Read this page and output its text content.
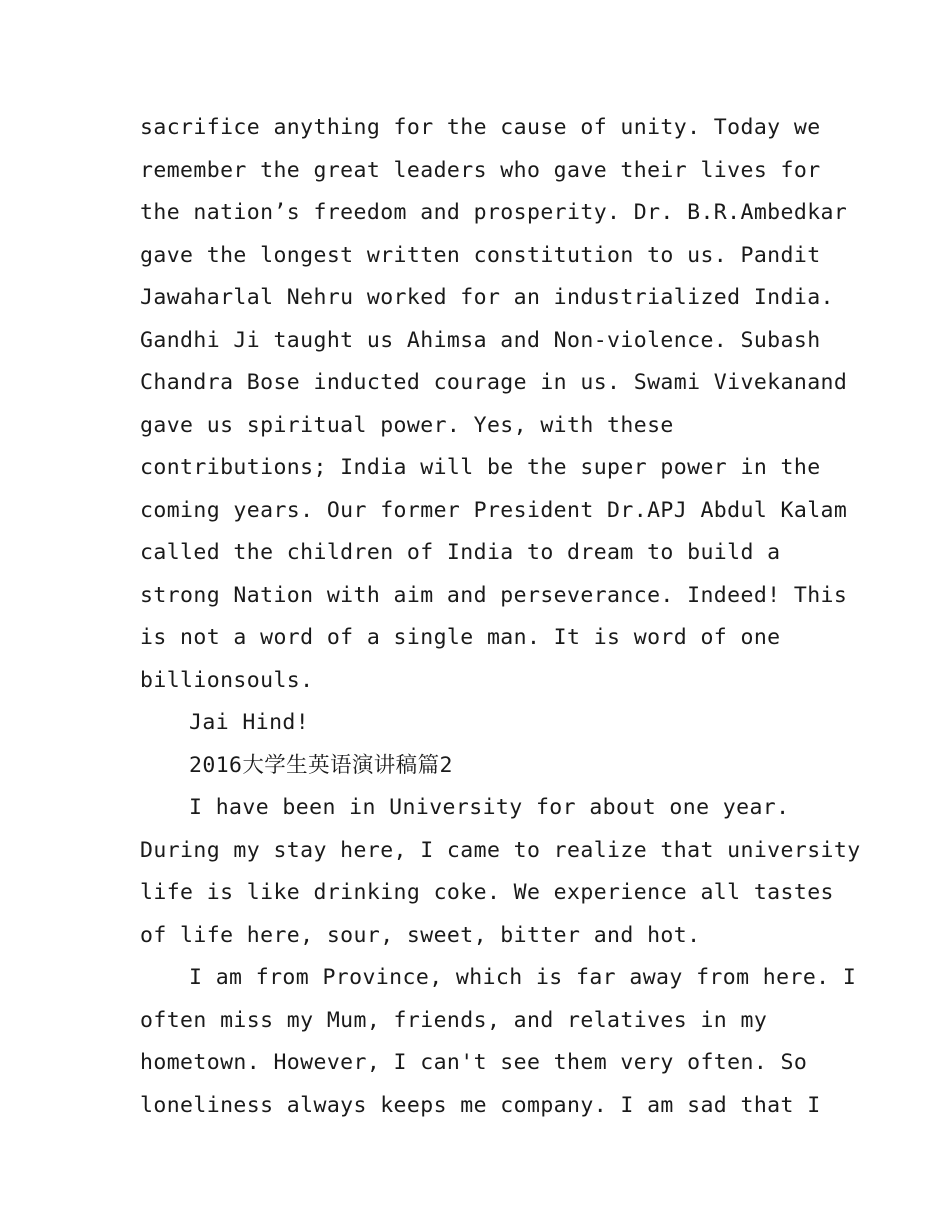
sacrifice anything for the cause of unity. Today we
remember the great leaders who gave their lives for
the nation’s freedom and prosperity. Dr. B.R.Ambedkar
gave the longest written constitution to us. Pandit
Jawaharlal Nehru worked for an industrialized India.
Gandhi Ji taught us Ahimsa and Non-violence. Subash
Chandra Bose inducted courage in us. Swami Vivekanand
gave us spiritual power. Yes, with these
contributions; India will be the super power in the
coming years. Our former President Dr.APJ Abdul Kalam
called the children of India to dream to build a
strong Nation with aim and perseverance. Indeed! This
is not a word of a single man. It is word of one
billionsouls.
Jai Hind!
2016大学生英语演讲稿篇2
I have been in University for about one year.
During my stay here, I came to realize that university
life is like drinking coke. We experience all tastes
of life here, sour, sweet, bitter and hot.
I am from Province, which is far away from here. I
often miss my Mum, friends, and relatives in my
hometown. However, I can't see them very often. So
loneliness always keeps me company. I am sad that I
